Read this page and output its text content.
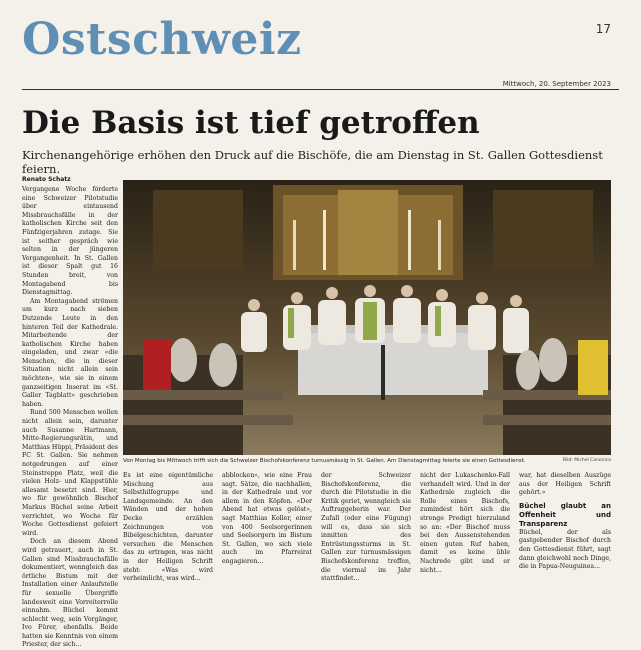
Ostschweiz	17
Mittwoch, 20. September 2023
Die Basis ist tief getroffen
Kirchenangehörige erhöhen den Druck auf die Bischöfe, die am Dienstag in St. Gallen Gottesdienst feiern.
Renato Schatz

Vergangene Woche förderte eine Schweizer Pilotstudie über eintausend Missbrauchsfälle in der katholischen Kirche seit den Fünfzigerjahren zutage. Sie ist seither gespräch wie selten in der jüngeren Vergangenheit. In St. Gallen ist dieser Spalt gut 16 Stunden breit, von Montagabend bis Dienstagmittag.

Am Montagabend strömen um kurz nach sieben Dutzende Leute in den hinteren Teil der Kathedrale. Mitarbeitende der katholischen Kirche haben eingeladen, und zwar «die Menschen, die in dieser Situation nicht allein sein möchten», wie sie in einem ganzseitigen Inserat im «St. Galler Tagblatt» geschrieben haben.

Rund 500 Menschen wollen nicht allein sein, darunter auch Susanne Hartmann, Mitte-Regierungsrätin, und Matthias Hüppi, Präsident des FC St. Gallen. Sie nehmen notgedrungen auf einer Steinstreppe Platz, weil die vielen Holz- und Klappstühle allesamt besetzt sind. Hier, wo für gewöhnlich Bischof Markus Büchel seine Arbeit verrichtet, wo Woche für Woche Gottesdienst gefeiert wird.

Doch an diesem Abend wird getrauert, auch in St. Gallen sind Missbrauchsfälle dokumentiert, wenngleich das örtliche Bistum mit der Installation einer Anlaufstelle für sexuelle Übergriffe landesweit eine Vorreiterrolle einnahm. Büchel kommt schlecht weg, sein Vorgänger, Ivo Fürer, ebenfalls. Beide hatten sie Kenntnis von einem Priester, der sich...

Von Montag bis Mittwoch trifft sich die Schweizer Bischofskonferenz turnusmässig in St. Gallen. Am Dienstagmittag feierte sie einen Gottesdienst.	Bild: Michel Canonica
Es ist eine eigentümliche Mischung aus Selbsthilfegruppe und Landsgemeinde. An den Wänden und der hohen Decke erzählen Zeichnungen von Bibelgeschichten, darunter versuchen die Menschen das zu ertragen, was nicht in der Heiligen Schrift steht: «Was wird verheimlicht, was wird...
abblocken», wie eine Frau sagt. Sätze, die nachhallen, in der Kathedrale und vor allem in den Köpfen. «Der Abend hat etwas gelöst», sagt Matthias Koller, einer von 400 Seelsorgerinnen und Seelsorgern im Bistum St. Gallen, wo sich viele auch im Pfarreirat engagieren...
der Schweizer Bischofskonferenz, die durch die Pilotstudie in die Kritik geriet, wenngleich sie Auftraggeberin war. Der Zufall (oder eine Fügung) will es, dass sie sich inmitten des Entrüstungssturms in St. Gallen zur turnusmässigen Bischofskonferenz treffen, die viermal im Jahr stattfindet...
nicht der Lukaschenko-Fall verhandelt wird. Und in der Kathedrale zugleich die Rolle eines Bischofs, zumindest hört sich die strenge Predigt hierzuland so an: «Der Bischof muss bei den Aussenstehenden einen guten Ruf haben, damit es keine üble Nachrede gibt und er nicht...

war, hat dieselben Auszüge aus der Heiligen Schrift gehört.»

Büchel glaubt an Offenheit und Transparenz

Büchel, der als gastgebender Bischof durch den Gottesdienst führt, sagt dann gleichwohl noch Dinge, die in Papua-Neuguinea...
